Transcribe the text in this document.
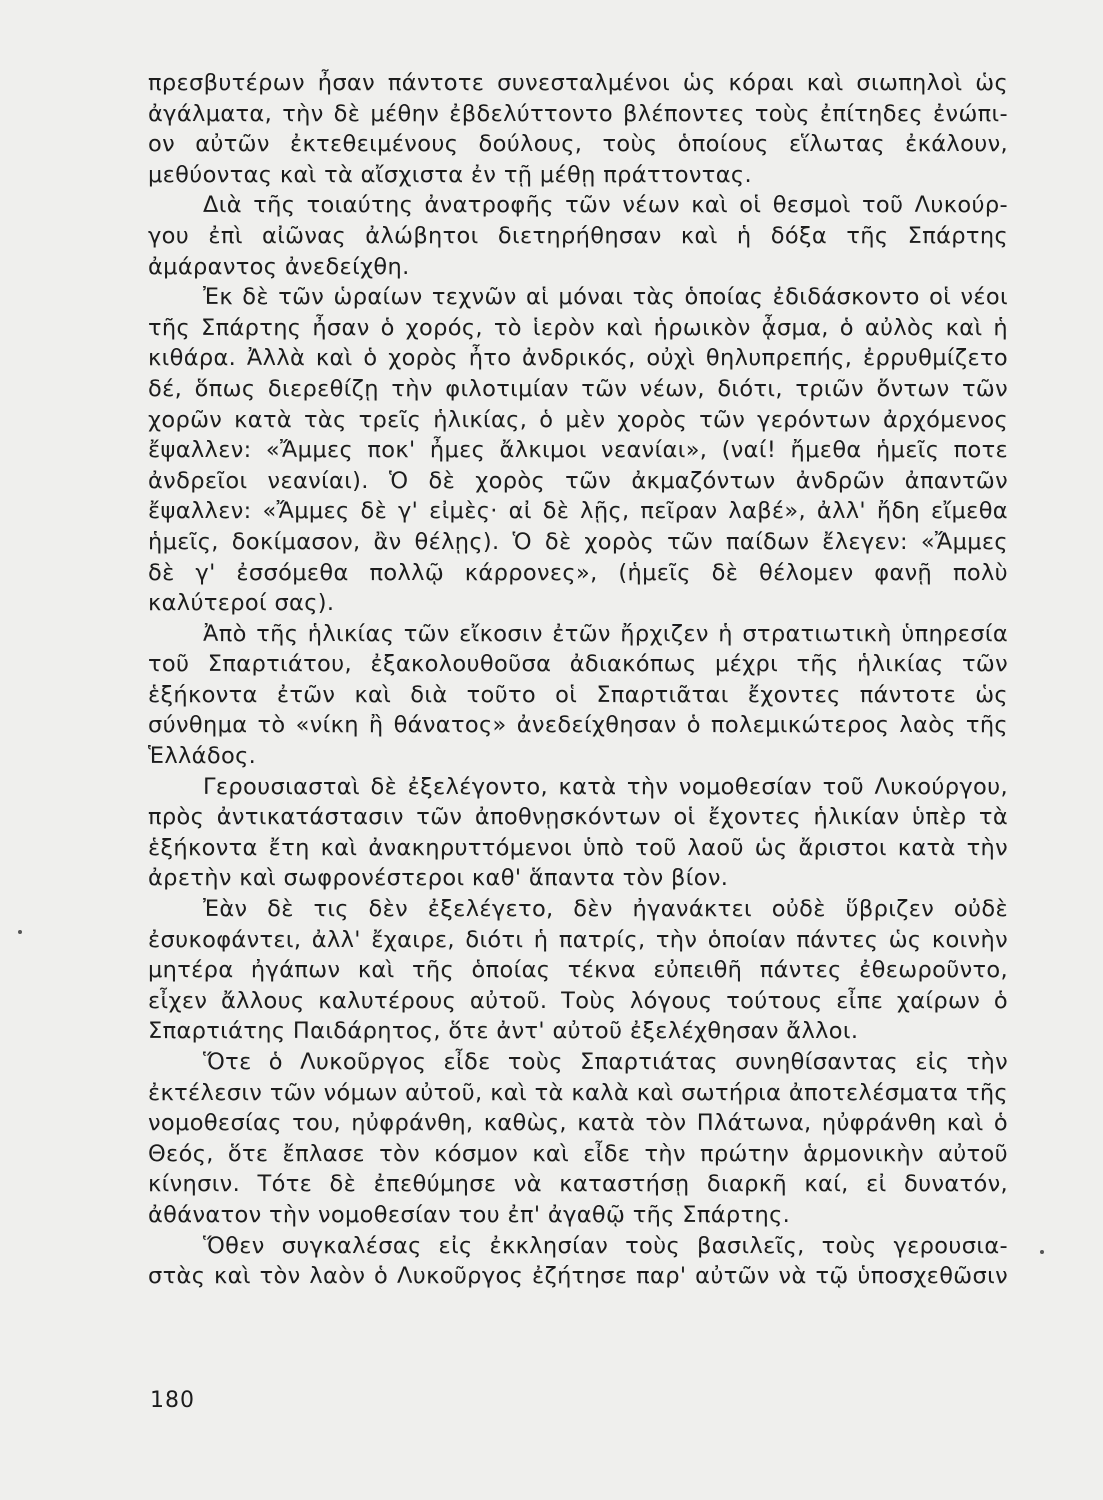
πρεσβυτέρων ἦσαν πάντοτε συνεσταλμένοι ὡς κόραι καὶ σιωπηλοὶ ὡς
ἀγάλματα, τὴν δὲ μέθην ἐβδελύττοντο βλέποντες τοὺς ἐπίτηδες ἐνώπι-
ον αὐτῶν ἐκτεθειμένους δούλους, τοὺς ὁποίους εἵλωτας ἐκάλουν,
μεθύοντας καὶ τὰ αἴσχιστα ἐν τῇ μέθῃ πράττοντας.
Διὰ τῆς τοιαύτης ἀνατροφῆς τῶν νέων καὶ οἱ θεσμοὶ τοῦ Λυκούρ-
γου ἐπὶ αἰῶνας ἀλώβητοι διετηρήθησαν καὶ ἡ δόξα τῆς Σπάρτης
ἀμάραντος ἀνεδείχθη.
Ἐκ δὲ τῶν ὡραίων τεχνῶν αἱ μόναι τὰς ὁποίας ἐδιδάσκοντο οἱ νέοι
τῆς Σπάρτης ἦσαν ὁ χορός, τὸ ἱερὸν καὶ ἡρωικὸν ᾆσμα, ὁ αὐλὸς καὶ ἡ
κιθάρα. Ἀλλὰ καὶ ὁ χορὸς ἦτο ἀνδρικός, οὐχὶ θηλυπρεπής, ἐρρυθμίζετο
δέ, ὅπως διερεθίζῃ τὴν φιλοτιμίαν τῶν νέων, διότι, τριῶν ὄντων τῶν
χορῶν κατὰ τὰς τρεῖς ἡλικίας, ὁ μὲν χορὸς τῶν γερόντων ἀρχόμενος
ἔψαλλεν: «Ἄμμες ποκ' ἦμες ἄλκιμοι νεανίαι», (ναί! ἤμεθα ἡμεῖς ποτε
ἀνδρεῖοι νεανίαι). Ὁ δὲ χορὸς τῶν ἀκμαζόντων ἀνδρῶν ἀπαντῶν
ἔψαλλεν: «Ἄμμες δὲ γ' εἰμὲς· αἰ δὲ λῇς, πεῖραν λαβέ», ἀλλ' ἤδη εἴμεθα
ἡμεῖς, δοκίμασον, ἂν θέλῃς). Ὁ δὲ χορὸς τῶν παίδων ἔλεγεν: «Ἄμμες
δὲ γ' ἐσσόμεθα πολλῷ κάρρονες», (ἡμεῖς δὲ θέλομεν φανῇ πολὺ
καλύτεροί σας).
Ἀπὸ τῆς ἡλικίας τῶν εἴκοσιν ἐτῶν ἤρχιζεν ἡ στρατιωτικὴ ὑπηρεσία
τοῦ Σπαρτιάτου, ἐξακολουθοῦσα ἀδιακόπως μέχρι τῆς ἡλικίας τῶν
ἑξήκοντα ἐτῶν καὶ διὰ τοῦτο οἱ Σπαρτιᾶται ἔχοντες πάντοτε ὡς
σύνθημα τὸ «νίκη ἢ θάνατος» ἀνεδείχθησαν ὁ πολεμικώτερος λαὸς τῆς
Ἑλλάδος.
Γερουσιασταὶ δὲ ἐξελέγοντο, κατὰ τὴν νομοθεσίαν τοῦ Λυκούργου,
πρὸς ἀντικατάστασιν τῶν ἀποθνῃσκόντων οἱ ἔχοντες ἡλικίαν ὑπὲρ τὰ
ἑξήκοντα ἔτη καὶ ἀνακηρυττόμενοι ὑπὸ τοῦ λαοῦ ὡς ἄριστοι κατὰ τὴν
ἀρετὴν καὶ σωφρονέστεροι καθ' ἅπαντα τὸν βίον.
Ἐὰν δὲ τις δὲν ἐξελέγετο, δὲν ἠγανάκτει οὐδὲ ὕβριζεν οὐδὲ
ἐσυκοφάντει, ἀλλ' ἔχαιρε, διότι ἡ πατρίς, τὴν ὁποίαν πάντες ὡς κοινὴν
μητέρα ἠγάπων καὶ τῆς ὁποίας τέκνα εὐπειθῆ πάντες ἐθεωροῦντο,
εἶχεν ἄλλους καλυτέρους αὐτοῦ. Τοὺς λόγους τούτους εἶπε χαίρων ὁ
Σπαρτιάτης Παιδάρητος, ὅτε ἀντ' αὐτοῦ ἐξελέχθησαν ἄλλοι.
Ὅτε ὁ Λυκοῦργος εἶδε τοὺς Σπαρτιάτας συνηθίσαντας εἰς τὴν
ἐκτέλεσιν τῶν νόμων αὐτοῦ, καὶ τὰ καλὰ καὶ σωτήρια ἀποτελέσματα τῆς
νομοθεσίας του, ηὐφράνθη, καθὼς, κατὰ τὸν Πλάτωνα, ηὐφράνθη καὶ ὁ
Θεός, ὅτε ἔπλασε τὸν κόσμον καὶ εἶδε τὴν πρώτην ἁρμονικὴν αὐτοῦ
κίνησιν. Τότε δὲ ἐπεθύμησε νὰ καταστήσῃ διαρκῆ καί, εἰ δυνατόν,
ἀθάνατον τὴν νομοθεσίαν του ἐπ' ἀγαθῷ τῆς Σπάρτης.
Ὅθεν συγκαλέσας εἰς ἐκκλησίαν τοὺς βασιλεῖς, τοὺς γερουσια-
στὰς καὶ τὸν λαὸν ὁ Λυκοῦργος ἐζήτησε παρ' αὐτῶν νὰ τῷ ὑποσχεθῶσιν
180
